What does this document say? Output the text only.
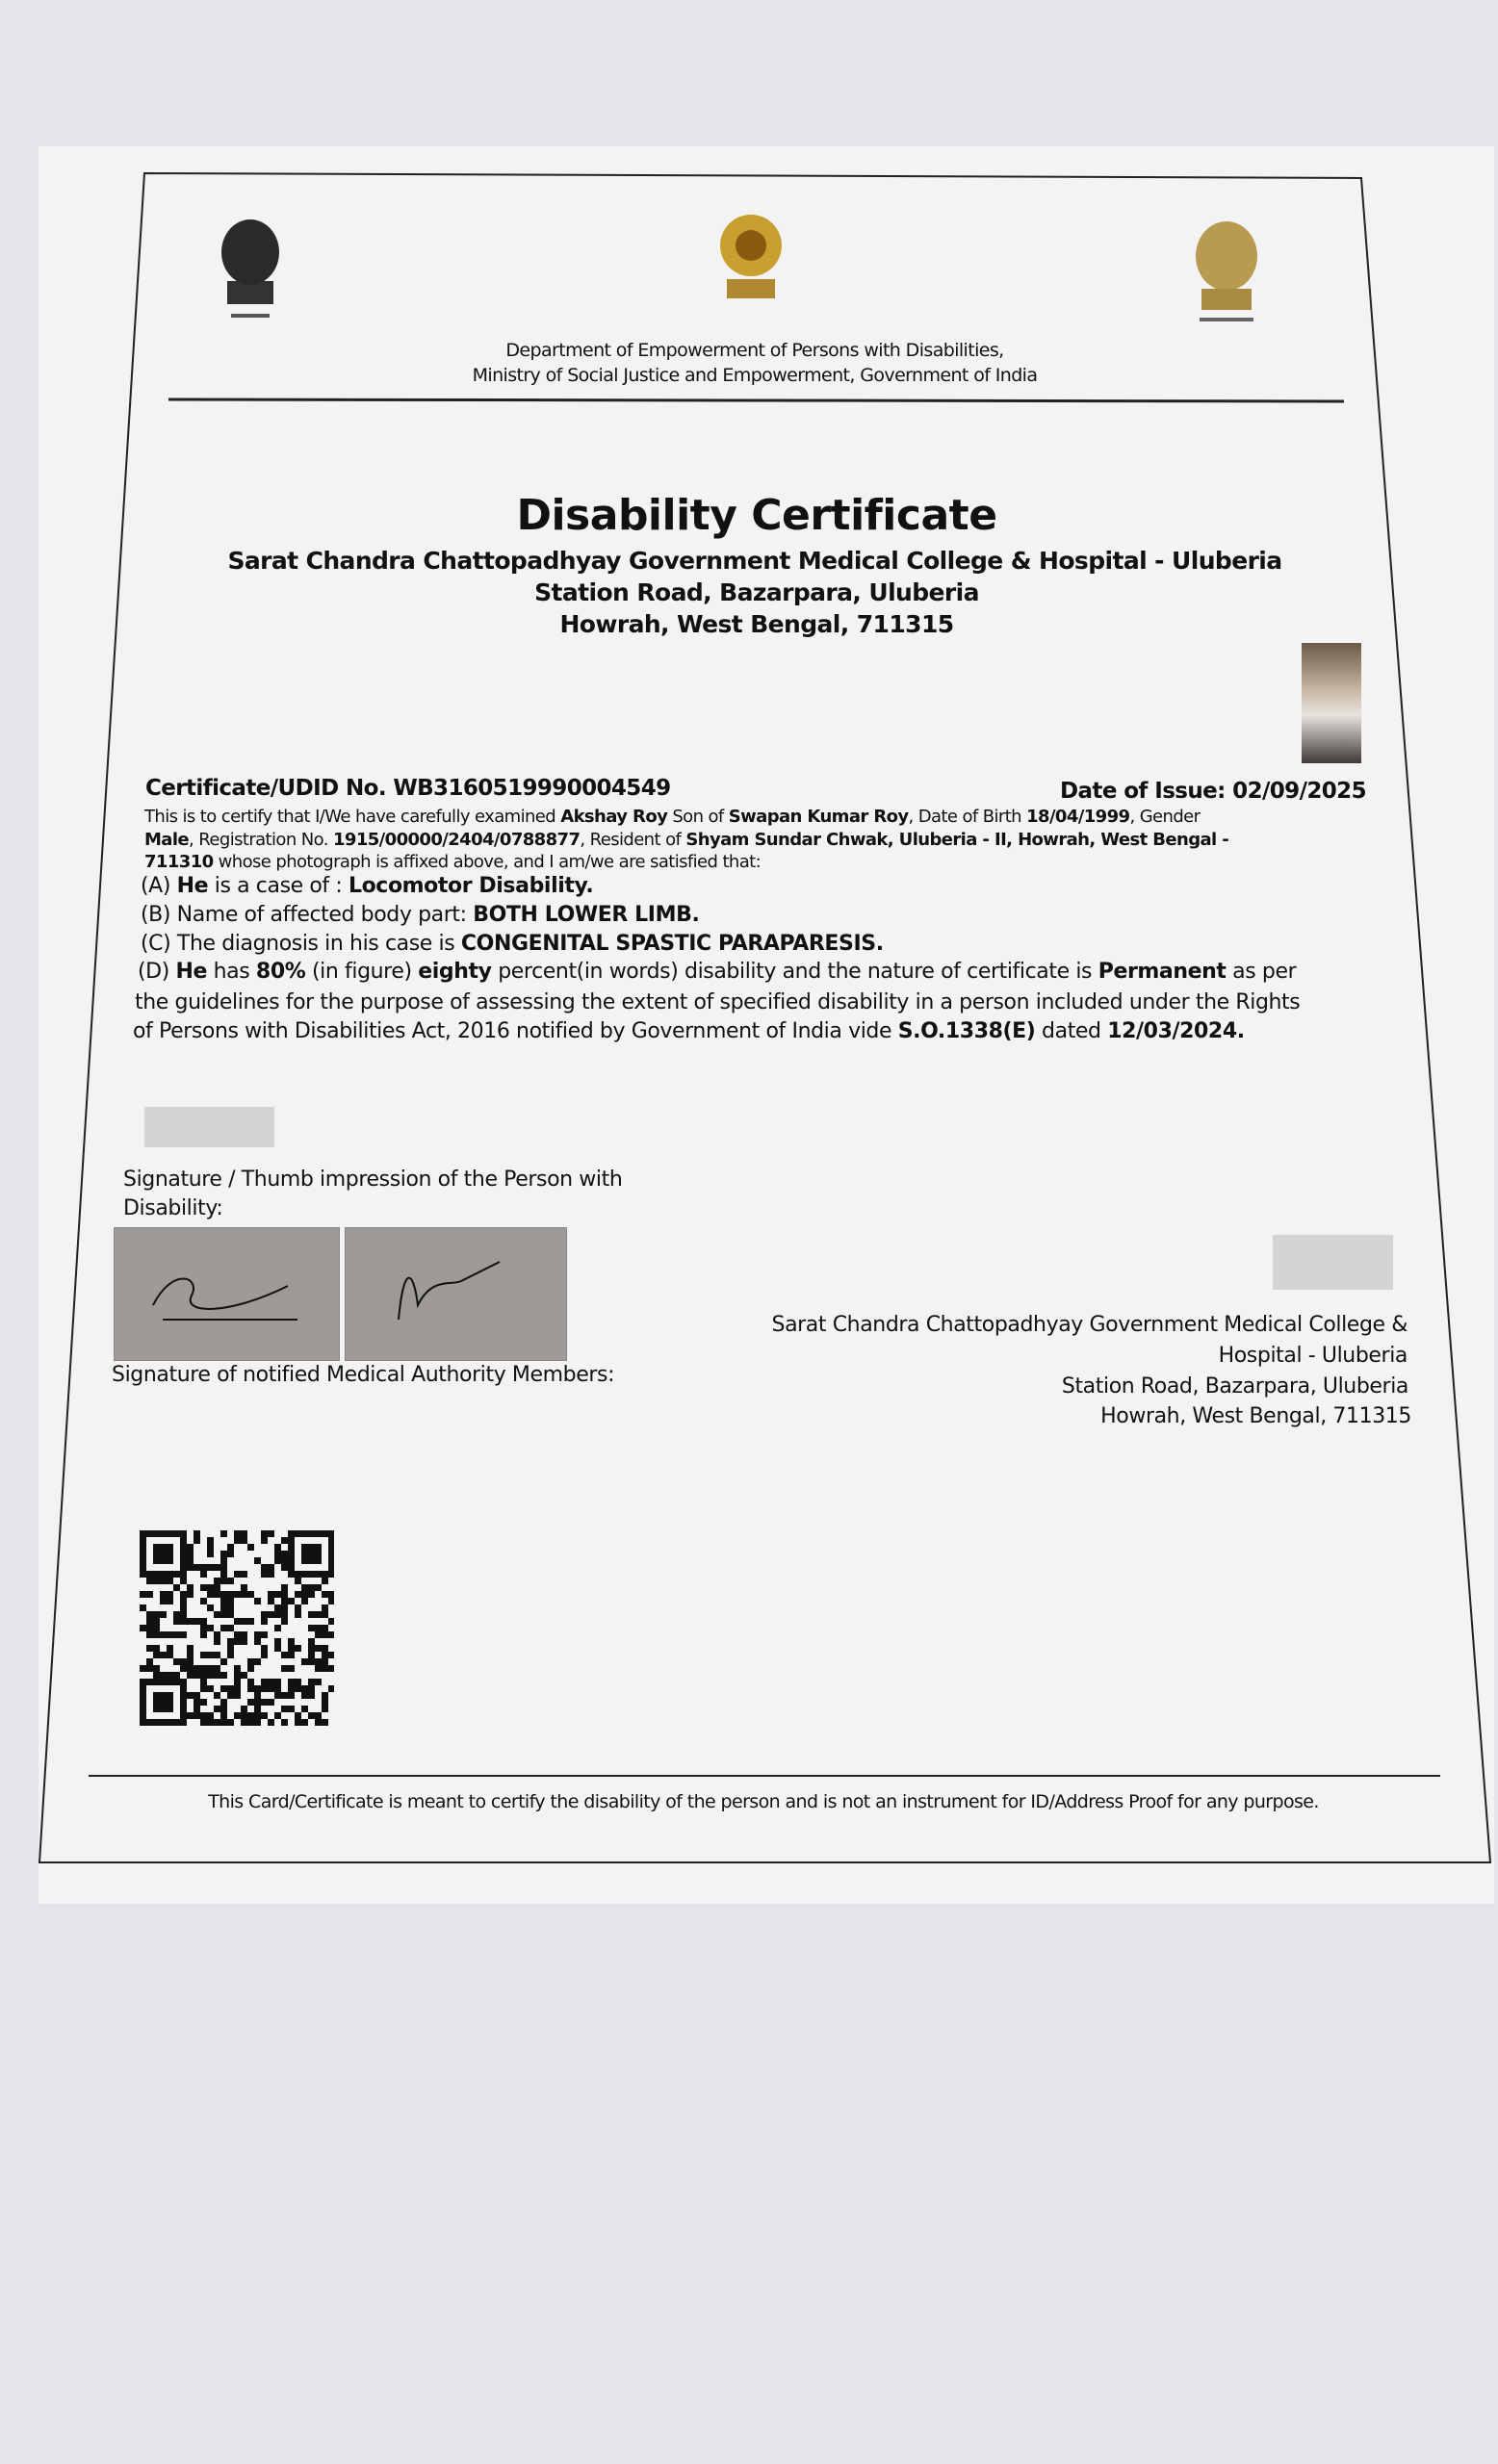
Department of Empowerment of Persons with Disabilities,
Ministry of Social Justice and Empowerment, Government of India
Disability Certificate
Sarat Chandra Chattopadhyay Government Medical College & Hospital - Uluberia
Station Road, Bazarpara, Uluberia
Howrah, West Bengal, 711315
Certificate/UDID No. WB3160519990004549	Date of Issue: 02/09/2025
This is to certify that I/We have carefully examined Akshay Roy Son of Swapan Kumar Roy, Date of Birth 18/04/1999, Gender
Male, Registration No. 1915/00000/2404/0788877, Resident of Shyam Sundar Chwak, Uluberia - II, Howrah, West Bengal -
711310 whose photograph is affixed above, and I am/we are satisfied that:
(A) He is a case of : Locomotor Disability.
(B) Name of affected body part: BOTH LOWER LIMB.
(C) The diagnosis in his case is CONGENITAL SPASTIC PARAPARESIS.
(D) He has 80% (in figure) eighty percent(in words) disability and the nature of certificate is Permanent as per
the guidelines for the purpose of assessing the extent of specified disability in a person included under the Rights
of Persons with Disabilities Act, 2016 notified by Government of India vide S.O.1338(E) dated 12/03/2024.
Signature / Thumb impression of the Person with
Disability:
Signature of notified Medical Authority Members:
Sarat Chandra Chattopadhyay Government Medical College &
Hospital - Uluberia
Station Road, Bazarpara, Uluberia
Howrah, West Bengal, 711315
This Card/Certificate is meant to certify the disability of the person and is not an instrument for ID/Address Proof for any purpose.
